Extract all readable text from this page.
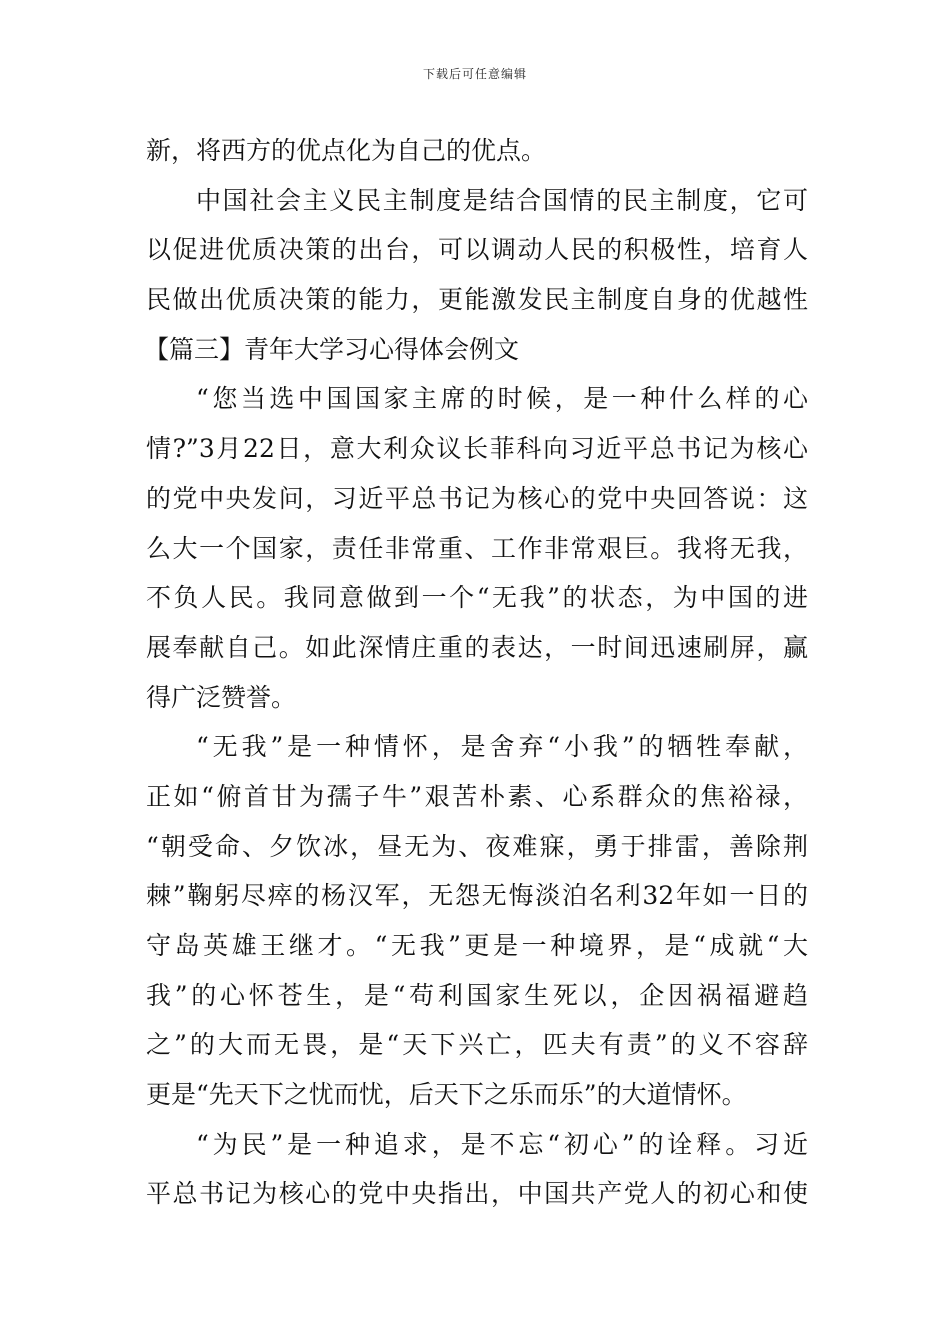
下载后可任意编辑
新，将西方的优点化为自己的优点。
中国社会主义民主制度是结合国情的民主制度，它可
以促进优质决策的出台，可以调动人民的积极性，培育人
民做出优质决策的能力，更能激发民主制度自身的优越性
【篇三】青年大学习心得体会例文
“您当选中国国家主席的时候，是一种什么样的心
情?”3月22日，意大利众议长菲科向习近平总书记为核心
的党中央发问，习近平总书记为核心的党中央回答说：这
么大一个国家，责任非常重、工作非常艰巨。我将无我，
不负人民。我同意做到一个“无我”的状态，为中国的进
展奉献自己。如此深情庄重的表达，一时间迅速刷屏，赢
得广泛赞誉。
“无我”是一种情怀，是舍弃“小我”的牺牲奉献，
正如“俯首甘为孺子牛”艰苦朴素、心系群众的焦裕禄，
“朝受命、夕饮冰，昼无为、夜难寐，勇于排雷，善除荆
棘”鞠躬尽瘁的杨汉军，无怨无悔淡泊名利32年如一日的
守岛英雄王继才。“无我”更是一种境界，是“成就“大
我”的心怀苍生，是“苟利国家生死以，企因祸福避趋
之”的大而无畏，是“天下兴亡，匹夫有责”的义不容辞
更是“先天下之忧而忧，后天下之乐而乐”的大道情怀。
“为民”是一种追求，是不忘“初心”的诠释。习近
平总书记为核心的党中央指出，中国共产党人的初心和使
